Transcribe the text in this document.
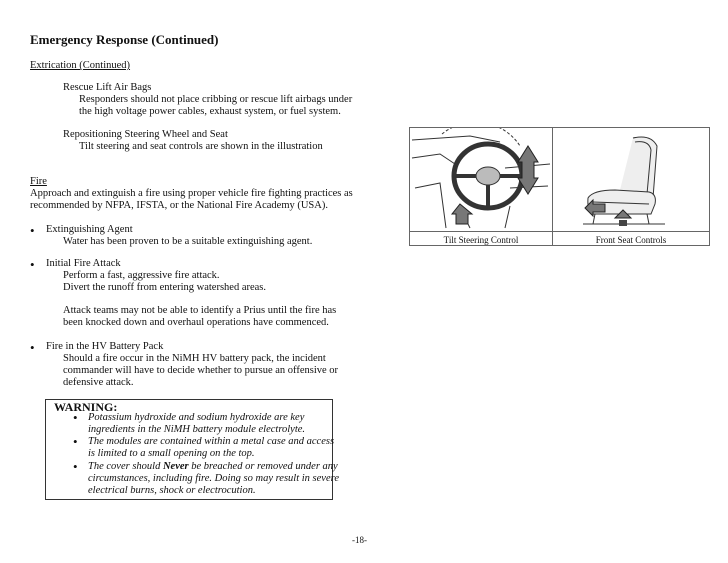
Emergency Response (Continued)
Extrication (Continued)
Rescue Lift Air Bags
Responders should not place cribbing or rescue lift airbags under
the high voltage power cables, exhaust system, or fuel system.
Repositioning Steering Wheel and Seat
Tilt steering and seat controls are shown in the illustration
Fire
Approach and extinguish a fire using proper vehicle fire fighting practices as
recommended by NFPA, IFSTA, or the National Fire Academy (USA).
• Extinguishing Agent
Water has been proven to be a suitable extinguishing agent.
• Initial Fire Attack
Perform a fast, aggressive fire attack.
Divert the runoff from entering watershed areas.
Attack teams may not be able to identify a Prius until the fire has
been knocked down and overhaul operations have commenced.
• Fire in the HV Battery Pack
Should a fire occur in the NiMH HV battery pack, the incident
commander will have to decide whether to pursue an offensive or
defensive attack.
WARNING:
• Potassium hydroxide and sodium hydroxide are key
ingredients in the NiMH battery module electrolyte.
• The modules are contained within a metal case and access
is limited to a small opening on the top.
• The cover should Never be breached or removed under any
circumstances, including fire. Doing so may result in severe
electrical burns, shock or electrocution.
Tilt Steering Control	Front Seat Controls
-18-
